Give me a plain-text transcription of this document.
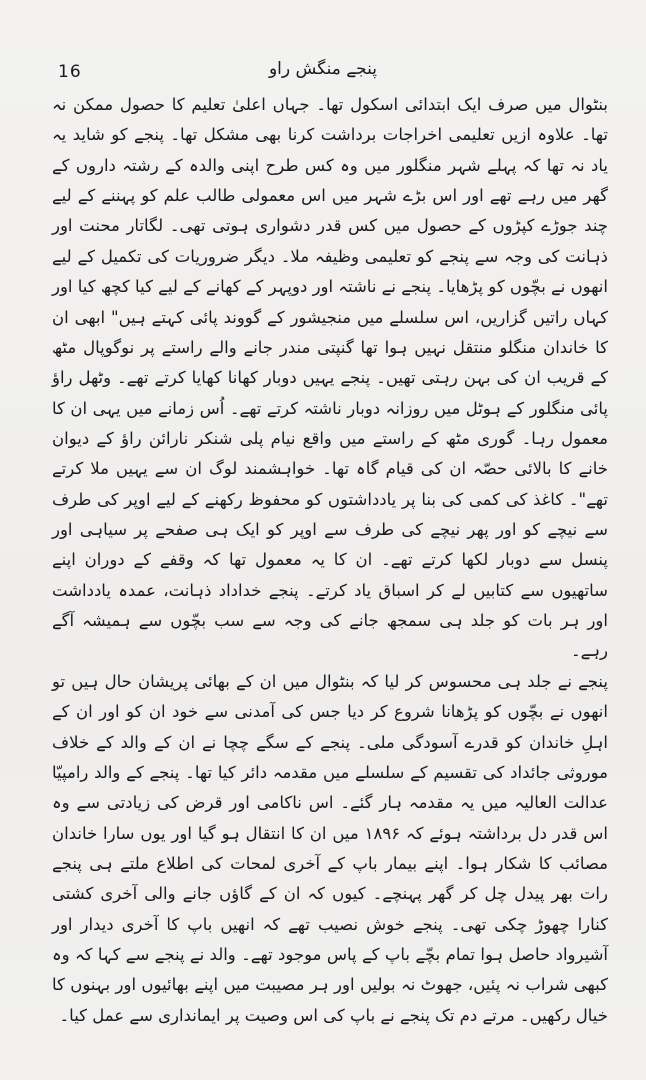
16	پنجے منگش راو

بنٹوال میں صرف ایک ابتدائی اسکول تھا۔ جہاں اعلیٰ تعلیم کا حصول ممکن نہ تھا۔ علاوہ ازیں تعلیمی اخراجات برداشت کرنا بھی مشکل تھا۔ پنجے کو شاید یہ یاد نہ تھا کہ پہلے شہر منگلور میں وہ کس طرح اپنی والدہ کے رشتہ داروں کے گھر میں رہے تھے اور اس بڑے شہر میں اس معمولی طالب علم کو پہننے کے لیے چند جوڑے کپڑوں کے حصول میں کس قدر دشواری ہوتی تھی۔ لگاتار محنت اور ذہانت کی وجہ سے پنجے کو تعلیمی وظیفہ ملا۔ دیگر ضروریات کی تکمیل کے لیے انھوں نے بچّوں کو پڑھایا۔ پنجے نے ناشتہ اور دوپہر کے کھانے کے لیے کیا کچھ کیا اور کہاں راتیں گزاریں، اس سلسلے میں منجیشور کے گووند پائی کہتے ہیں" ابھی ان کا خاندان منگلو منتقل نہیں ہوا تھا گنپتی مندر جانے والے راستے پر نوگوپال مٹھ کے قریب ان کی بہن رہتی تھیں۔ پنجے یہیں دوبار کھانا کھایا کرتے تھے۔ وٹھل راؤ پائی منگلور کے ہوٹل میں روزانہ دوبار ناشتہ کرتے تھے۔ اُس زمانے میں یہی ان کا معمول رہا۔ گوری مٹھ کے راستے میں واقع نیام پلی شنکر نارائن راؤ کے دیوان خانے کا بالائی حصّہ ان کی قیام گاہ تھا۔ خواہشمند لوگ ان سے یہیں ملا کرتے تھے"۔ کاغذ کی کمی کی بنا پر یادداشتوں کو محفوظ رکھنے کے لیے اوپر کی طرف سے نیچے کو اور پھر نیچے کی طرف سے اوپر کو ایک ہی صفحے پر سیاہی اور پنسل سے دوبار لکھا کرتے تھے۔ ان کا یہ معمول تھا کہ وقفے کے دوران اپنے ساتھیوں سے کتابیں لے کر اسباق یاد کرتے۔ پنجے خداداد ذہانت، عمدہ یادداشت اور ہر بات کو جلد ہی سمجھ جانے کی وجہ سے سب بچّوں سے ہمیشہ آگے رہے۔

پنجے نے جلد ہی محسوس کر لیا کہ بنٹوال میں ان کے بھائی پریشان حال ہیں تو انھوں نے بچّوں کو پڑھانا شروع کر دیا جس کی آمدنی سے خود ان کو اور ان کے اہلِ خاندان کو قدرے آسودگی ملی۔ پنجے کے سگے چچا نے ان کے والد کے خلاف موروثی جائداد کی تقسیم کے سلسلے میں مقدمہ دائر کیا تھا۔ پنجے کے والد رامپیّا عدالت العالیہ میں یہ مقدمہ ہار گئے۔ اس ناکامی اور قرض کی زیادتی سے وہ اس قدر دل برداشتہ ہوئے کہ ۱۸۹۶ میں ان کا انتقال ہو گیا اور یوں سارا خاندان مصائب کا شکار ہوا۔ اپنے بیمار باپ کے آخری لمحات کی اطلاع ملتے ہی پنجے رات بھر پیدل چل کر گھر پہنچے۔ کیوں کہ ان کے گاؤں جانے والی آخری کشتی کنارا چھوڑ چکی تھی۔ پنجے خوش نصیب تھے کہ انھیں باپ کا آخری دیدار اور آشیرواد حاصل ہوا تمام بچّے باپ کے پاس موجود تھے۔ والد نے پنجے سے کہا کہ وہ کبھی شراب نہ پئیں، جھوٹ نہ بولیں اور ہر مصیبت میں اپنے بھائیوں اور بہنوں کا خیال رکھیں۔ مرتے دم تک پنجے نے باپ کی اس وصیت پر ایمانداری سے عمل کیا۔
